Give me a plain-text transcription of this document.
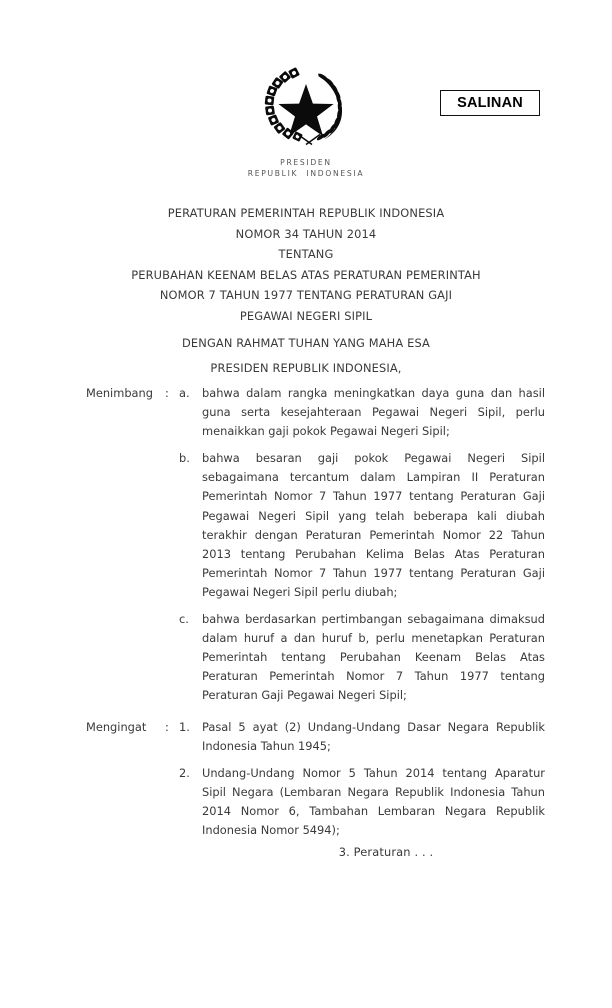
PRESIDEN
REPUBLIK  INDONESIA
SALINAN
PERATURAN PEMERINTAH REPUBLIK INDONESIA
NOMOR 34 TAHUN 2014
TENTANG
PERUBAHAN KEENAM BELAS ATAS PERATURAN PEMERINTAH
NOMOR 7 TAHUN 1977 TENTANG PERATURAN GAJI
PEGAWAI NEGERI SIPIL
DENGAN RAHMAT TUHAN YANG MAHA ESA
PRESIDEN REPUBLIK INDONESIA,
Menimbang	: a.	bahwa dalam rangka meningkatkan daya guna dan hasil guna serta kesejahteraan Pegawai Negeri Sipil, perlu menaikkan gaji pokok Pegawai Negeri Sipil;
b.	bahwa besaran gaji pokok Pegawai Negeri Sipil sebagaimana tercantum dalam Lampiran II Peraturan Pemerintah Nomor 7 Tahun 1977 tentang Peraturan Gaji Pegawai Negeri Sipil yang telah beberapa kali diubah terakhir dengan Peraturan Pemerintah Nomor 22 Tahun 2013 tentang Perubahan Kelima Belas Atas Peraturan Pemerintah Nomor 7 Tahun 1977 tentang Peraturan Gaji Pegawai Negeri Sipil perlu diubah;
c.	bahwa berdasarkan pertimbangan sebagaimana dimaksud dalam huruf a dan huruf b, perlu menetapkan Peraturan Pemerintah tentang Perubahan Keenam Belas Atas Peraturan Pemerintah Nomor 7 Tahun 1977 tentang Peraturan Gaji Pegawai Negeri Sipil;
Mengingat	: 1.	Pasal 5 ayat (2) Undang-Undang Dasar Negara Republik Indonesia Tahun 1945;
2.	Undang-Undang Nomor 5 Tahun 2014 tentang Aparatur Sipil Negara (Lembaran Negara Republik Indonesia Tahun 2014 Nomor 6, Tambahan Lembaran Negara Republik Indonesia Nomor 5494);
3. Peraturan . . .
